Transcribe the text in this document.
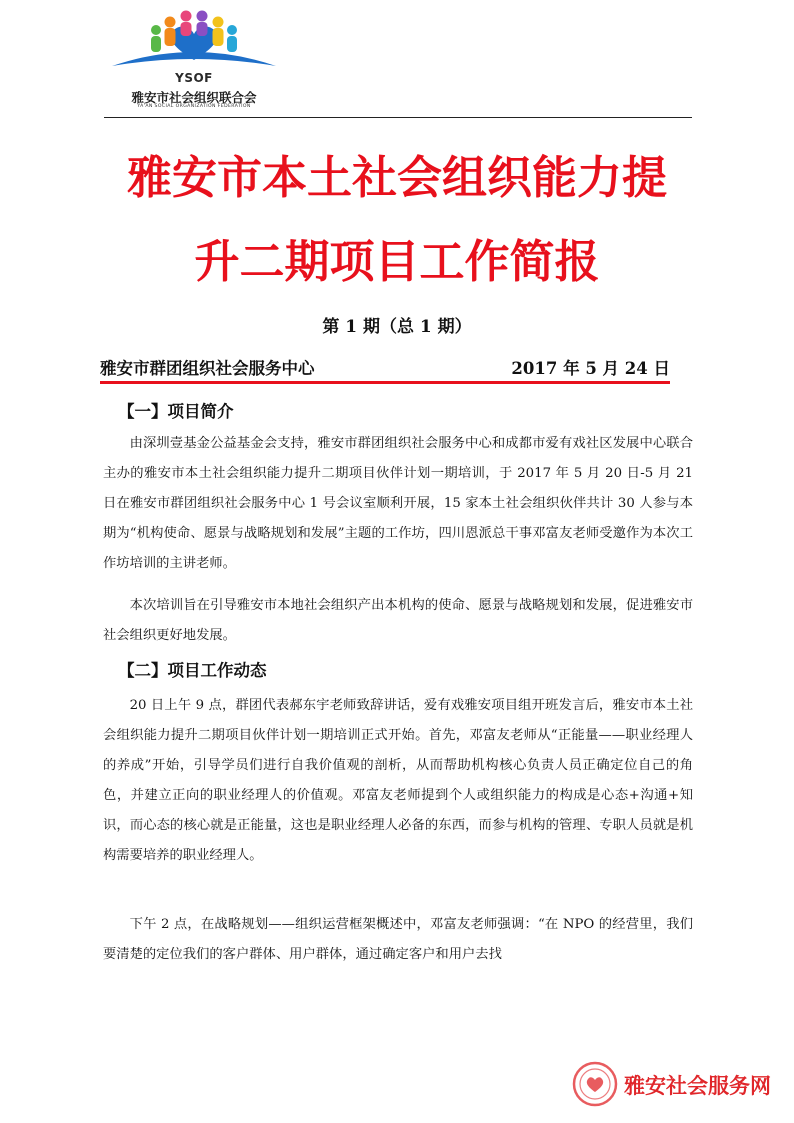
YSOF
雅安市社会组织联合会
YA'AN SOCIAL ORGANIZATION FEDERATION
雅安市本土社会组织能力提
升二期项目工作简报
第 1 期（总 1 期）
雅安市群团组织社会服务中心	2017 年 5 月 24 日
【一】项目简介

由深圳壹基金公益基金会支持，雅安市群团组织社会服务中心和成都市爱有戏社区发展中心联合主办的雅安市本土社会组织能力提升二期项目伙伴计划一期培训，于 2017 年 5 月 20 日-5 月 21 日在雅安市群团组织社会服务中心 1 号会议室顺利开展，15 家本土社会组织伙伴共计 30 人参与本期为“机构使命、愿景与战略规划和发展”主题的工作坊，四川恩派总干事邓富友老师受邀作为本次工作坊培训的主讲老师。

本次培训旨在引导雅安市本地社会组织产出本机构的使命、愿景与战略规划和发展，促进雅安市社会组织更好地发展。

【二】项目工作动态

20 日上午 9 点，群团代表郝东宇老师致辞讲话，爱有戏雅安项目组开班发言后，雅安市本土社会组织能力提升二期项目伙伴计划一期培训正式开始。首先，邓富友老师从“正能量——职业经理人的养成”开始，引导学员们进行自我价值观的剖析，从而帮助机构核心负责人员正确定位自己的角色，并建立正向的职业经理人的价值观。邓富友老师提到个人或组织能力的构成是心态+沟通+知识，而心态的核心就是正能量，这也是职业经理人必备的东西，而参与机构的管理、专职人员就是机构需要培养的职业经理人。

下午 2 点，在战略规划——组织运营框架概述中，邓富友老师强调：“在 NPO 的经营里，我们要清楚的定位我们的客户群体、用户群体，通过确定客户和用户去找

雅安社会服务网
